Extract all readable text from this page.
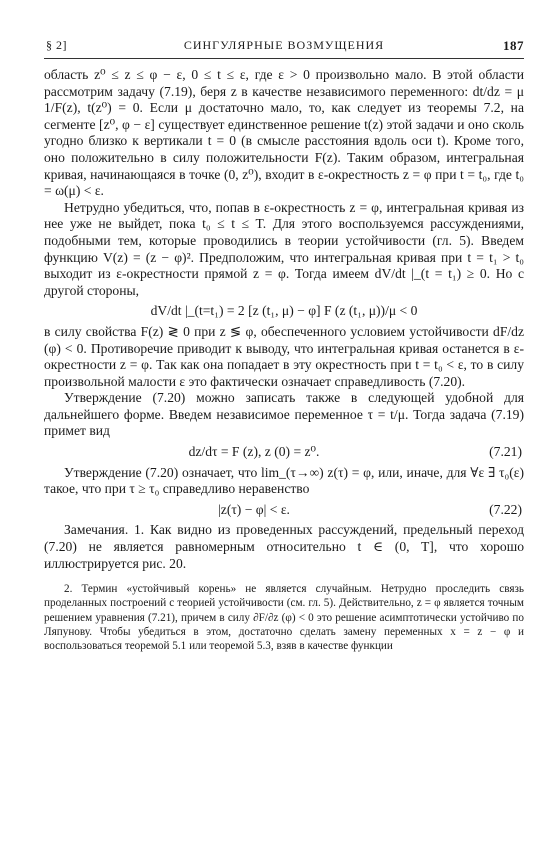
§ 2]	СИНГУЛЯРНЫЕ ВОЗМУЩЕНИЯ	187

область z⁰ ≤ z ≤ φ − ε, 0 ≤ t ≤ ε, где ε > 0 произвольно мало. В этой области рассмотрим задачу (7.19), беря z в качестве независимого переменного: dt/dz = μ 1/F(z), t(z⁰) = 0. Если μ достаточно мало, то, как следует из теоремы 7.2, на сегменте [z⁰, φ − ε] существует единственное решение t(z) этой задачи и оно сколь угодно близко к вертикали t = 0 (в смысле расстояния вдоль оси t). Кроме того, оно положительно в силу положительности F(z). Таким образом, интегральная кривая, начинающаяся в точке (0, z⁰), входит в ε-окрестность z = φ при t = t₀, где t₀ = ω(μ) < ε.

Нетрудно убедиться, что, попав в ε-окрестность z = φ, интегральная кривая из нее уже не выйдет, пока t₀ ≤ t ≤ T. Для этого воспользуемся рассуждениями, подобными тем, которые проводились в теории устойчивости (гл. 5). Введем функцию V(z) = (z − φ)². Предположим, что интегральная кривая при t = t₁ > t₀ выходит из ε-окрестности прямой z = φ. Тогда имеем dV/dt |_(t = t₁) ≥ 0. Но с другой стороны,

dV/dt |_(t=t₁) = 2 [z (t₁, μ) − φ] F (z (t₁, μ))/μ < 0

в силу свойства F(z) ≷ 0 при z ≶ φ, обеспеченного условием устойчивости dF/dz (φ) < 0. Противоречие приводит к выводу, что интегральная кривая останется в ε-окрестности z = φ. Так как она попадает в эту окрестность при t = t₀ < ε, то в силу произвольной малости ε это фактически означает справедливость (7.20).

Утверждение (7.20) можно записать также в следующей удобной для дальнейшего форме. Введем независимое переменное τ = t/μ. Тогда задача (7.19) примет вид

dz/dτ = F (z), z (0) = z⁰.	(7.21)

Утверждение (7.20) означает, что lim_(τ→∞) z(τ) = φ, или, иначе, для ∀ε ∃ τ₀(ε) такое, что при τ ≥ τ₀ справедливо неравенство

|z(τ) − φ| < ε.	(7.22)

Замечания. 1. Как видно из проведенных рассуждений, предельный переход (7.20) не является равномерным относительно t ∈ (0, T], что хорошо иллюстрируется рис. 20.

2. Термин «устойчивый корень» не является случайным. Нетрудно проследить связь проделанных построений с теорией устойчивости (см. гл. 5). Действительно, z = φ является точным решением уравнения (7.21), причем в силу ∂F/∂z (φ) < 0 это решение асимптотически устойчиво по Ляпунову. Чтобы убедиться в этом, достаточно сделать замену переменных x = z − φ и воспользоваться теоремой 5.1 или теоремой 5.3, взяв в качестве функции
